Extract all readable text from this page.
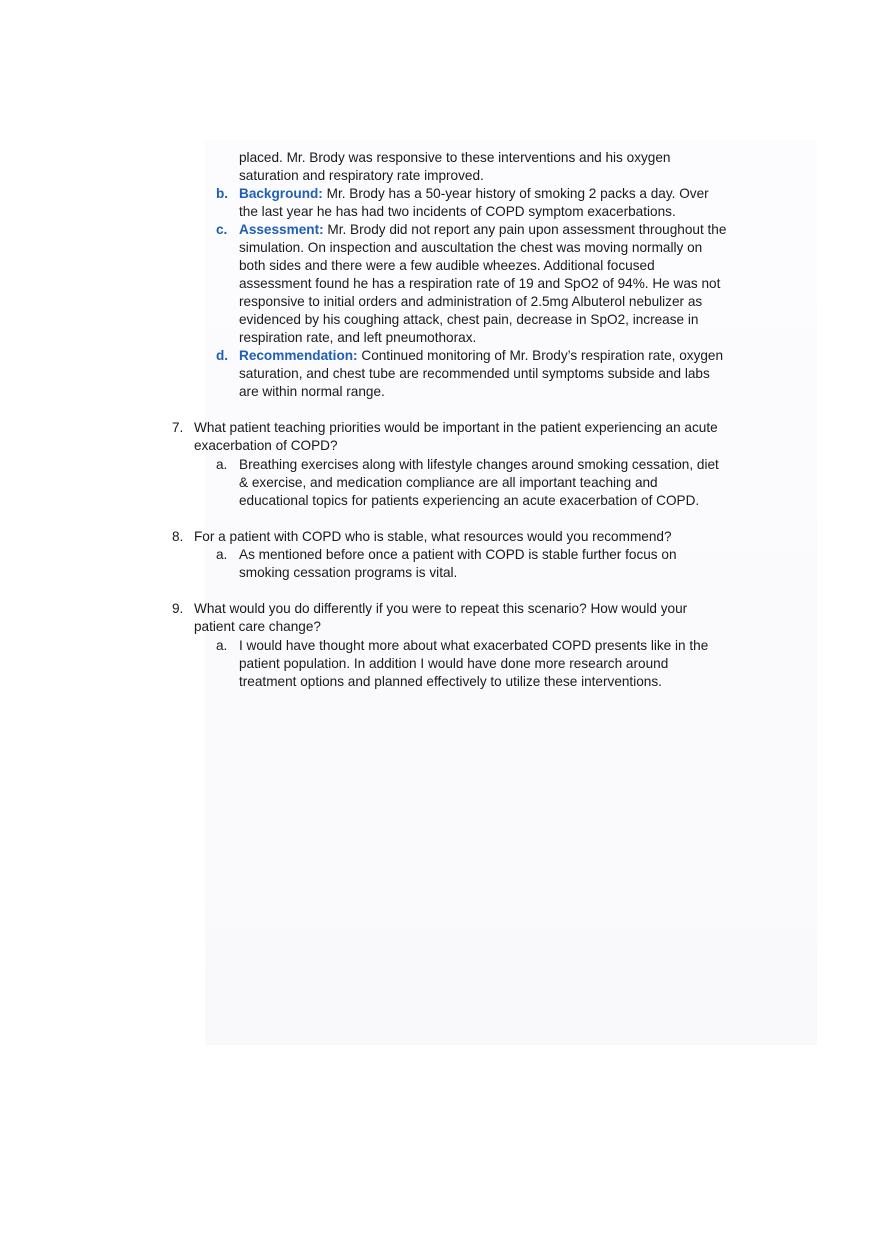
placed. Mr. Brody was responsive to these interventions and his oxygen
saturation and respiratory rate improved.
b. Background: Mr. Brody has a 50-year history of smoking 2 packs a day. Over
the last year he has had two incidents of COPD symptom exacerbations.
c. Assessment: Mr. Brody did not report any pain upon assessment throughout the
simulation. On inspection and auscultation the chest was moving normally on
both sides and there were a few audible wheezes. Additional focused
assessment found he has a respiration rate of 19 and SpO2 of 94%. He was not
responsive to initial orders and administration of 2.5mg Albuterol nebulizer as
evidenced by his coughing attack, chest pain, decrease in SpO2, increase in
respiration rate, and left pneumothorax.
d. Recommendation: Continued monitoring of Mr. Brody’s respiration rate, oxygen
saturation, and chest tube are recommended until symptoms subside and labs
are within normal range.
7. What patient teaching priorities would be important in the patient experiencing an acute
exacerbation of COPD?
a. Breathing exercises along with lifestyle changes around smoking cessation, diet
& exercise, and medication compliance are all important teaching and
educational topics for patients experiencing an acute exacerbation of COPD.
8. For a patient with COPD who is stable, what resources would you recommend?
a. As mentioned before once a patient with COPD is stable further focus on
smoking cessation programs is vital.
9. What would you do differently if you were to repeat this scenario? How would your
patient care change?
a. I would have thought more about what exacerbated COPD presents like in the
patient population. In addition I would have done more research around
treatment options and planned effectively to utilize these interventions.
